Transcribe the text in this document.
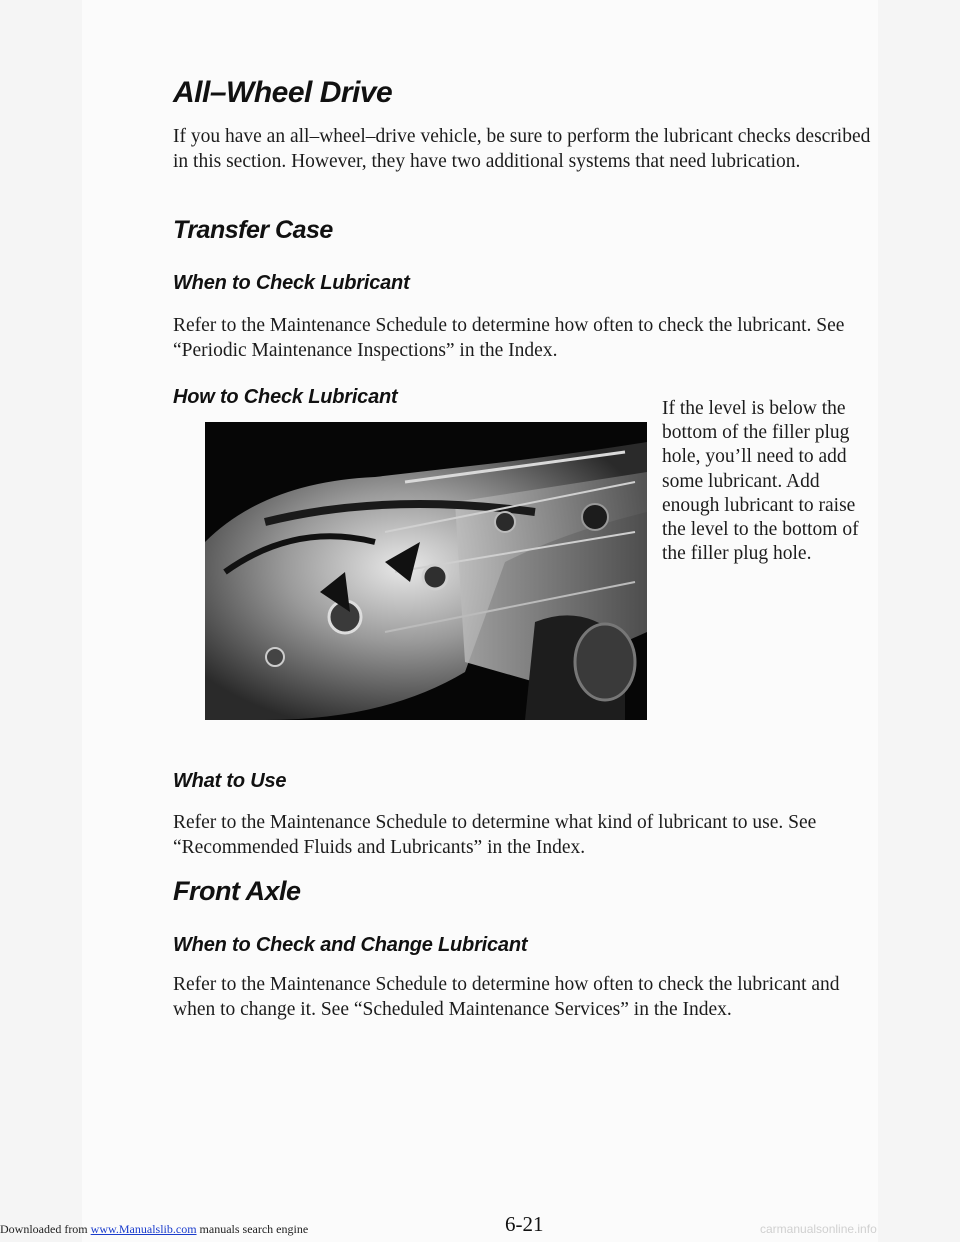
All–Wheel Drive

If you have an all–wheel–drive vehicle, be sure to perform the lubricant checks described in this section. However, they have two additional systems that need lubrication.

Transfer Case
When to Check Lubricant

Refer to the Maintenance Schedule to determine how often to check the lubricant. See “Periodic Maintenance Inspections” in the Index.

How to Check Lubricant

If the level is below the bottom of the filler plug hole, you’ll need to add some lubricant. Add enough lubricant to raise the level to the bottom of the filler plug hole.

What to Use

Refer to the Maintenance Schedule to determine what kind of lubricant to use. See “Recommended Fluids and Lubricants” in the Index.

Front Axle
When to Check and Change Lubricant

Refer to the Maintenance Schedule to determine how often to check the lubricant and when to change it. See “Scheduled Maintenance Services” in the Index.

Downloaded from www.Manualslib.com manuals search engine	6-21	carmanualsonline.info
